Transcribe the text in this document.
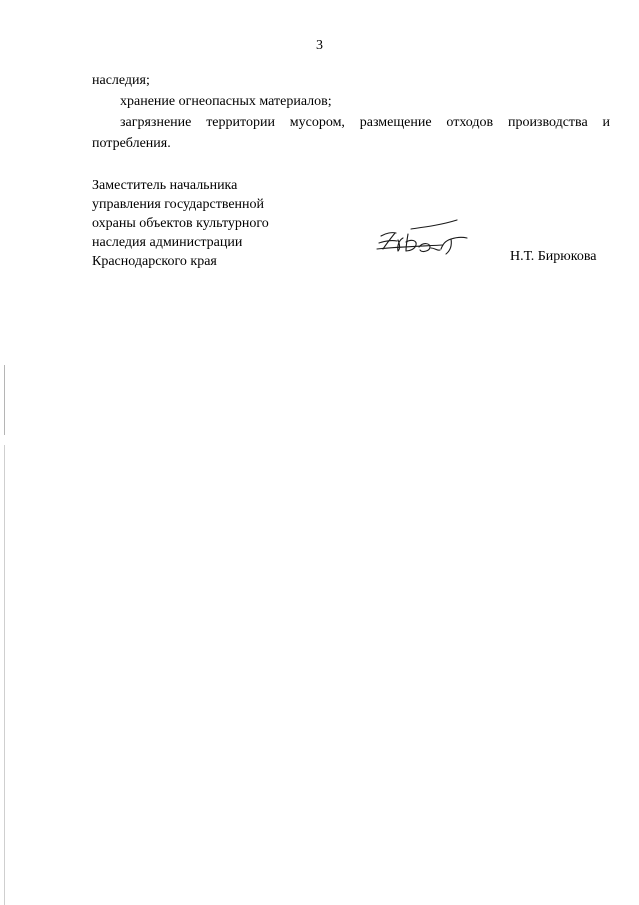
3

наследия;

хранение огнеопасных материалов;

загрязнение территории мусором, размещение отходов производства и потребления.

Заместитель начальника
управления государственной
охраны объектов культурного
наследия администрации
Краснодарского края	Н.Т. Бирюкова
